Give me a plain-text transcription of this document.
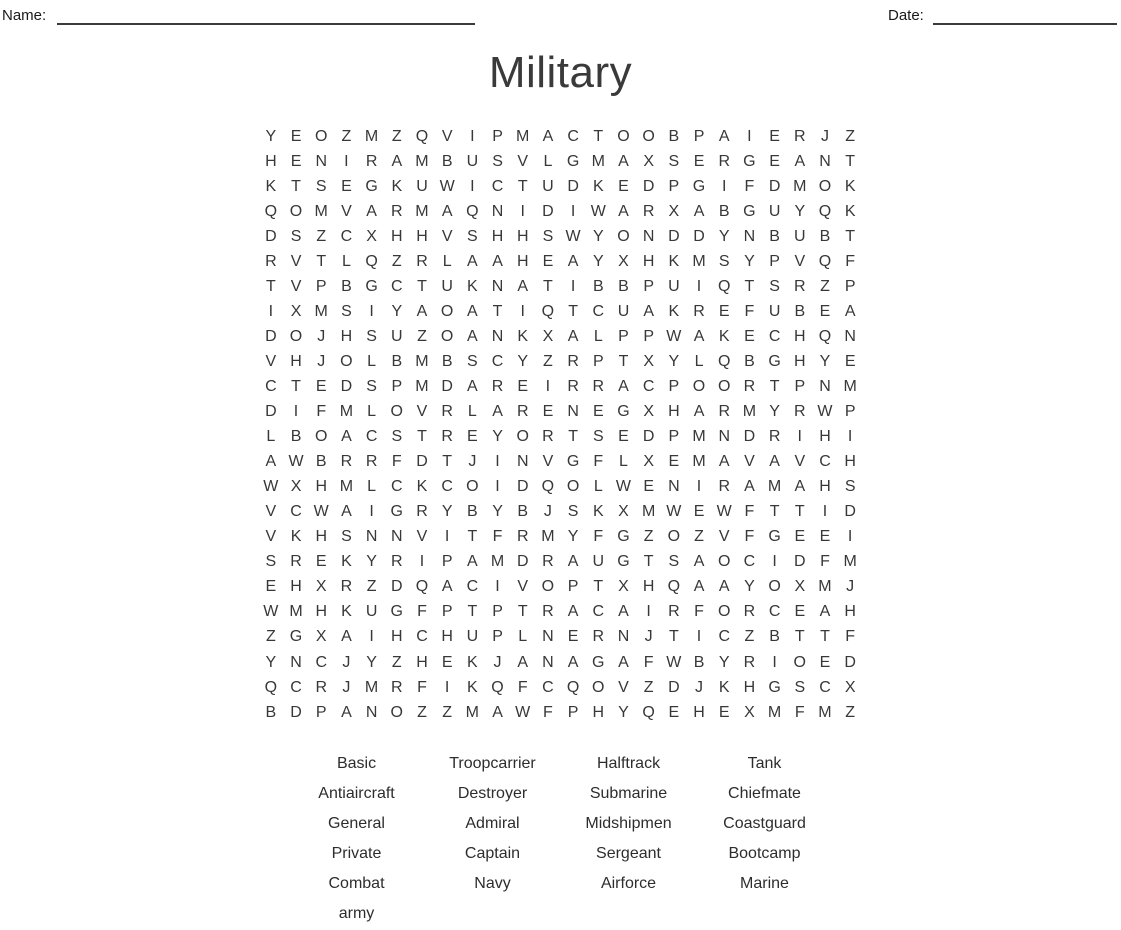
Name:	Date:
Military
Y E O Z M Z Q V	I	P M A C T O O B P A	I	E R J	Z
H E N	I	R A M B U S V L G M A X S E R G E A N T
K T S E G K U W I	C T U D K E D P G	I	F D M O K
Q O M V A R M A Q N	I	D	I W A R X A B G U Y Q K
D S Z C X H H V S H H S W Y O N D D Y N B U B T
R V T L Q Z R L A A H E A Y X H K M S Y P V Q F
T V P B G C T U K N A T	I	B B P U	I	Q T S R Z P
I	X M S	I	Y A O A T	I	Q T C U A K R E F U B E A
D O J H S U Z O A N K X A L P P W A K E C H Q N
V H J O L B M B S C Y Z R P T X Y L Q B G H Y E
C T E D S P M D A R E	I	R R A C P O O R T P N M
D	I	F M L O V R L A R E N E G X H A R M Y R W P
L B O A C S T R E Y O R T S E D P M N D R	I	H	I
A W B R R F D T	J	I	N V G F L X E M A V A V C H
W X H M L C K C O	I	D Q O L W E N	I	R A M A H S
V C W A	I	G R Y B Y B J S K X M W E W F T T	I	D
V K H S N N V	I	T F R M Y F G Z O Z V F G E E	I
S R E K Y R	I	P A M D R A U G T S A O C	I	D F M
E H X R Z D Q A C	I	V O P T X H Q A A Y O X M J
W M H K U G F P T P T R A C A	I	R F O R C E A H
Z G X A	I	H C H U P L N E R N J	T	I	C Z B T T F
Y N C J Y Z H E K J A N A G A F W B Y R	I	O E D
Q C R J M R F	I	K Q F C Q O V Z D J K H G S C X
B D P A N O Z Z M A W F P H Y Q E H E X M F M Z
Basic	Troopcarrier	Halftrack	Tank
Antiaircraft	Destroyer	Submarine	Chiefmate
General	Admiral	Midshipmen	Coastguard
Private	Captain	Sergeant	Bootcamp
Combat	Navy	Airforce	Marine
army
